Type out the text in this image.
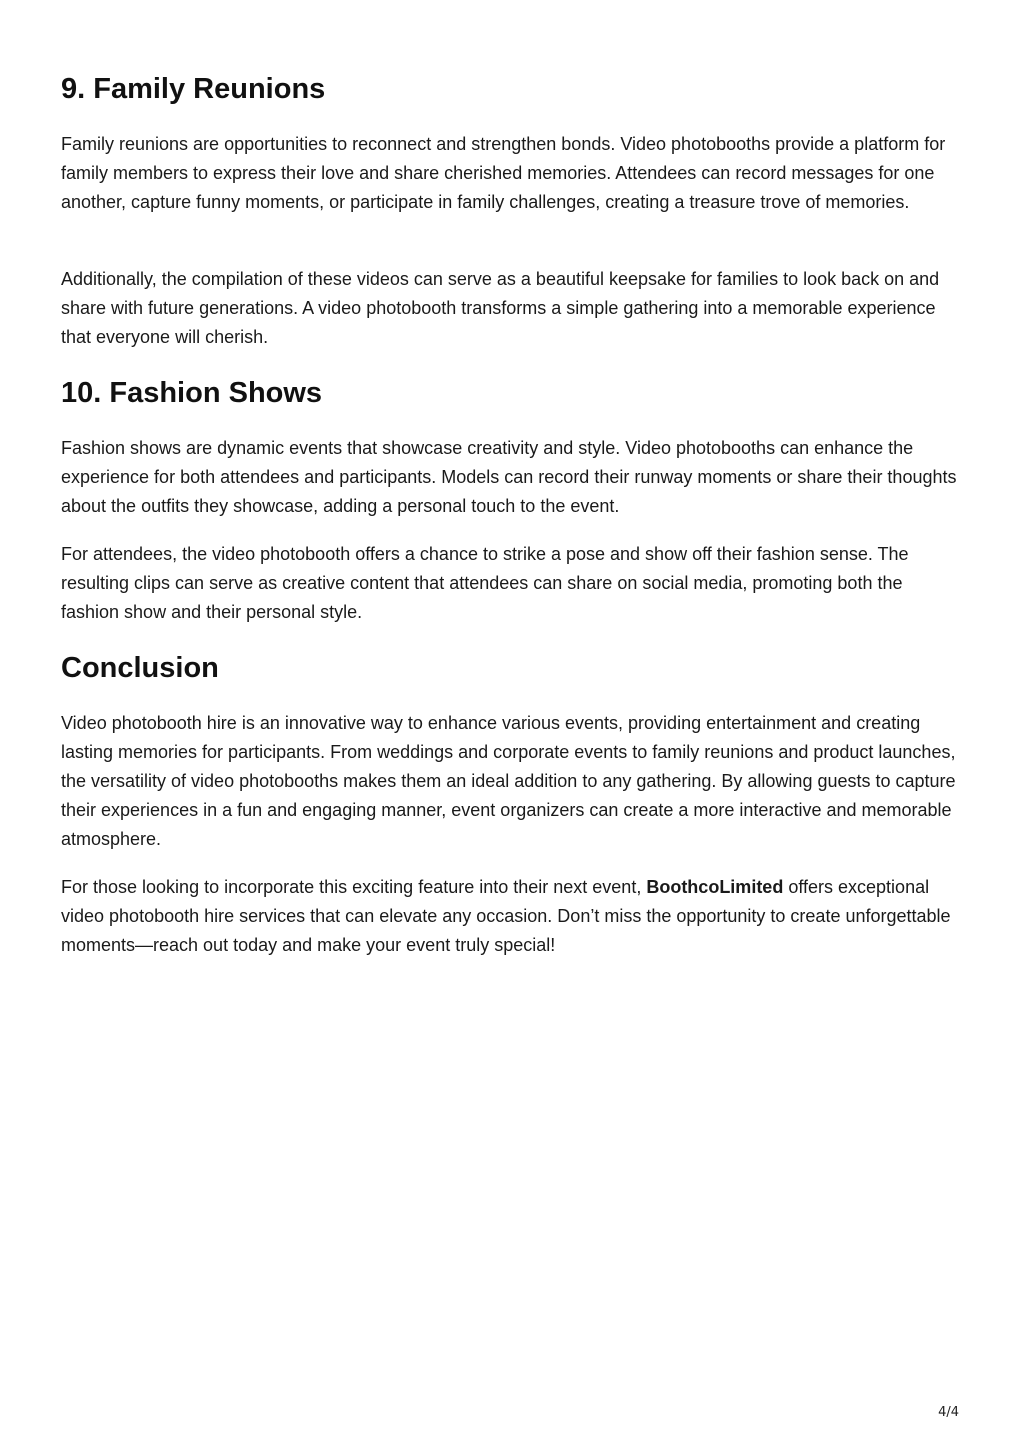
9. Family Reunions

Family reunions are opportunities to reconnect and strengthen bonds. Video photobooths provide a platform for family members to express their love and share cherished memories. Attendees can record messages for one another, capture funny moments, or participate in family challenges, creating a treasure trove of memories.

Additionally, the compilation of these videos can serve as a beautiful keepsake for families to look back on and share with future generations. A video photobooth transforms a simple gathering into a memorable experience that everyone will cherish.

10. Fashion Shows

Fashion shows are dynamic events that showcase creativity and style. Video photobooths can enhance the experience for both attendees and participants. Models can record their runway moments or share their thoughts about the outfits they showcase, adding a personal touch to the event.

For attendees, the video photobooth offers a chance to strike a pose and show off their fashion sense. The resulting clips can serve as creative content that attendees can share on social media, promoting both the fashion show and their personal style.

Conclusion

Video photobooth hire is an innovative way to enhance various events, providing entertainment and creating lasting memories for participants. From weddings and corporate events to family reunions and product launches, the versatility of video photobooths makes them an ideal addition to any gathering. By allowing guests to capture their experiences in a fun and engaging manner, event organizers can create a more interactive and memorable atmosphere.

For those looking to incorporate this exciting feature into their next event, BoothcoLimited offers exceptional video photobooth hire services that can elevate any occasion. Don’t miss the opportunity to create unforgettable moments—reach out today and make your event truly special!

4/4
